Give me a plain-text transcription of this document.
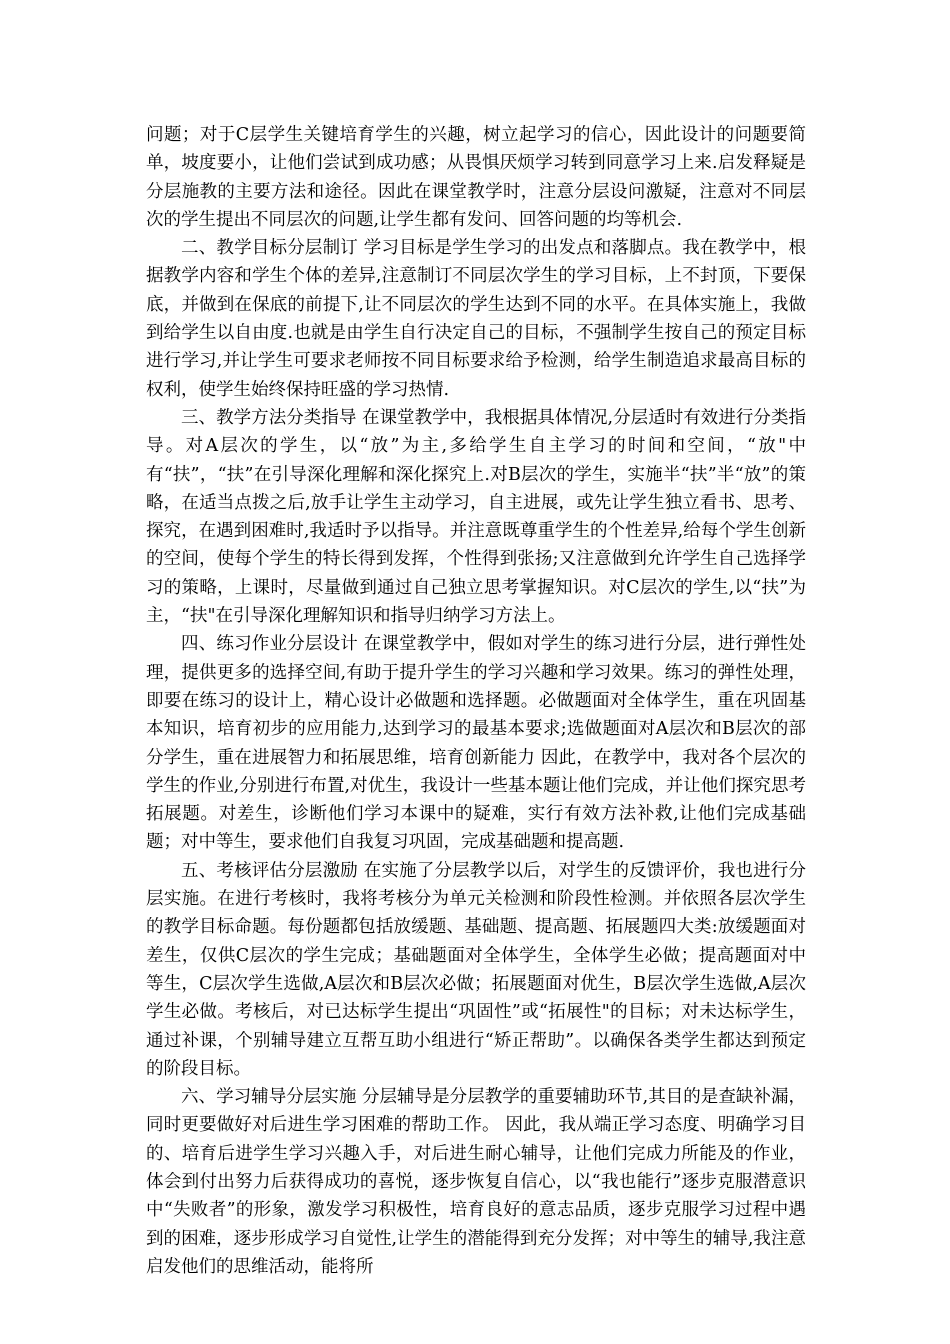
问题；对于C层学生关键培育学生的兴趣，树立起学习的信心，因此设计的问题要简单，坡度要小，让他们尝试到成功感；从畏惧厌烦学习转到同意学习上来.启发释疑是分层施教的主要方法和途径。因此在课堂教学时，注意分层设问激疑，注意对不同层次的学生提出不同层次的问题,让学生都有发问、回答问题的均等机会.

二、教学目标分层制订 学习目标是学生学习的出发点和落脚点。我在教学中，根据教学内容和学生个体的差异,注意制订不同层次学生的学习目标，上不封顶，下要保底，并做到在保底的前提下,让不同层次的学生达到不同的水平。在具体实施上，我做到给学生以自由度.也就是由学生自行决定自己的目标，不强制学生按自己的预定目标进行学习,并让学生可要求老师按不同目标要求给予检测，给学生制造追求最高目标的权利，使学生始终保持旺盛的学习热情.

三、教学方法分类指导 在课堂教学中，我根据具体情况,分层适时有效进行分类指导。对A层次的学生，以“放”为主,多给学生自主学习的时间和空间，“放"中有“扶”，“扶”在引导深化理解和深化探究上.对B层次的学生，实施半“扶”半“放”的策略，在适当点拨之后,放手让学生主动学习，自主进展，或先让学生独立看书、思考、探究，在遇到困难时,我适时予以指导。并注意既尊重学生的个性差异,给每个学生创新的空间，使每个学生的特长得到发挥，个性得到张扬;又注意做到允许学生自己选择学习的策略，上课时，尽量做到通过自己独立思考掌握知识。对C层次的学生,以“扶”为主，“扶"在引导深化理解知识和指导归纳学习方法上。

四、练习作业分层设计 在课堂教学中，假如对学生的练习进行分层，进行弹性处理，提供更多的选择空间,有助于提升学生的学习兴趣和学习效果。练习的弹性处理，即要在练习的设计上，精心设计必做题和选择题。必做题面对全体学生，重在巩固基本知识，培育初步的应用能力,达到学习的最基本要求;选做题面对A层次和B层次的部分学生，重在进展智力和拓展思维，培育创新能力 因此，在教学中，我对各个层次的学生的作业,分别进行布置,对优生，我设计一些基本题让他们完成，并让他们探究思考拓展题。对差生，诊断他们学习本课中的疑难，实行有效方法补救,让他们完成基础题；对中等生，要求他们自我复习巩固，完成基础题和提高题.

五、考核评估分层激励 在实施了分层教学以后，对学生的反馈评价，我也进行分层实施。在进行考核时，我将考核分为单元关检测和阶段性检测。并依照各层次学生的教学目标命题。每份题都包括放缓题、基础题、提高题、拓展题四大类:放缓题面对差生，仅供C层次的学生完成；基础题面对全体学生，全体学生必做；提高题面对中等生，C层次学生选做,A层次和B层次必做；拓展题面对优生，B层次学生选做,A层次学生必做。考核后，对已达标学生提出“巩固性”或“拓展性"的目标；对未达标学生，通过补课，个别辅导建立互帮互助小组进行“矫正帮助”。以确保各类学生都达到预定的阶段目标。

六、学习辅导分层实施 分层辅导是分层教学的重要辅助环节,其目的是查缺补漏，同时更要做好对后进生学习困难的帮助工作。 因此，我从端正学习态度、明确学习目的、培育后进学生学习兴趣入手，对后进生耐心辅导，让他们完成力所能及的作业，体会到付出努力后获得成功的喜悦，逐步恢复自信心，以“我也能行”逐步克服潜意识中“失败者”的形象，激发学习积极性，培育良好的意志品质，逐步克服学习过程中遇到的困难，逐步形成学习自觉性,让学生的潜能得到充分发挥；对中等生的辅导,我注意启发他们的思维活动，能将所
